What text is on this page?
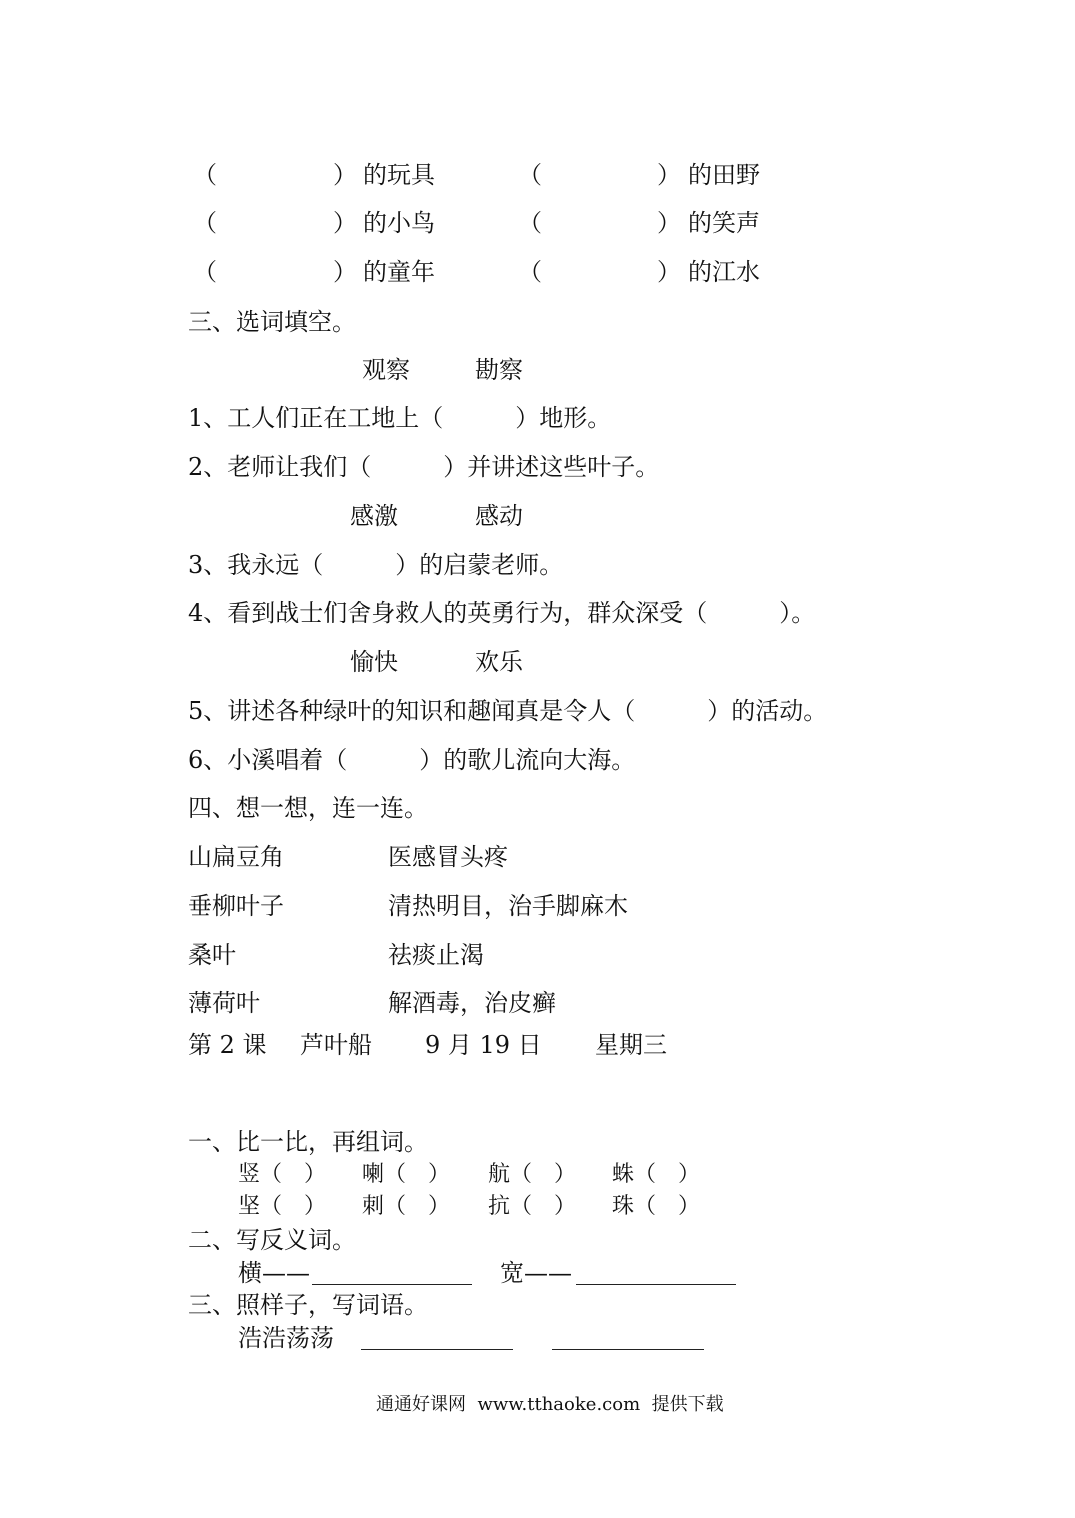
（	） 的玩具	（	） 的田野
（	） 的小鸟	（	） 的笑声
（	） 的童年	（	） 的江水
三、选词填空。
观察	勘察
1、工人们正在工地上（　　　）地形。
2、老师让我们（　　　）并讲述这些叶子。
感激	感动
3、我永远（　　　）的启蒙老师。
4、看到战士们舍身救人的英勇行为，群众深受（　　　）。
愉快	欢乐
5、讲述各种绿叶的知识和趣闻真是令人（　　　）的活动。
6、小溪唱着（　　　）的歌儿流向大海。
四、想一想，连一连。
山扁豆角	医感冒头疼
垂柳叶子	清热明目，治手脚麻木
桑叶	祛痰止渴
薄荷叶	解酒毒，治皮癣
第 2 课 芦叶船 9 月 19 日 星期三
一、比一比，再组词。
竖（　） 喇（　） 航（　） 蛛（　）
坚（　） 刺（　） 抗（　） 珠（　）
二、写反义词。
横——	宽——
三、照样子，写词语。
浩浩荡荡
通通好课网  www.tthaoke.com  提供下载
